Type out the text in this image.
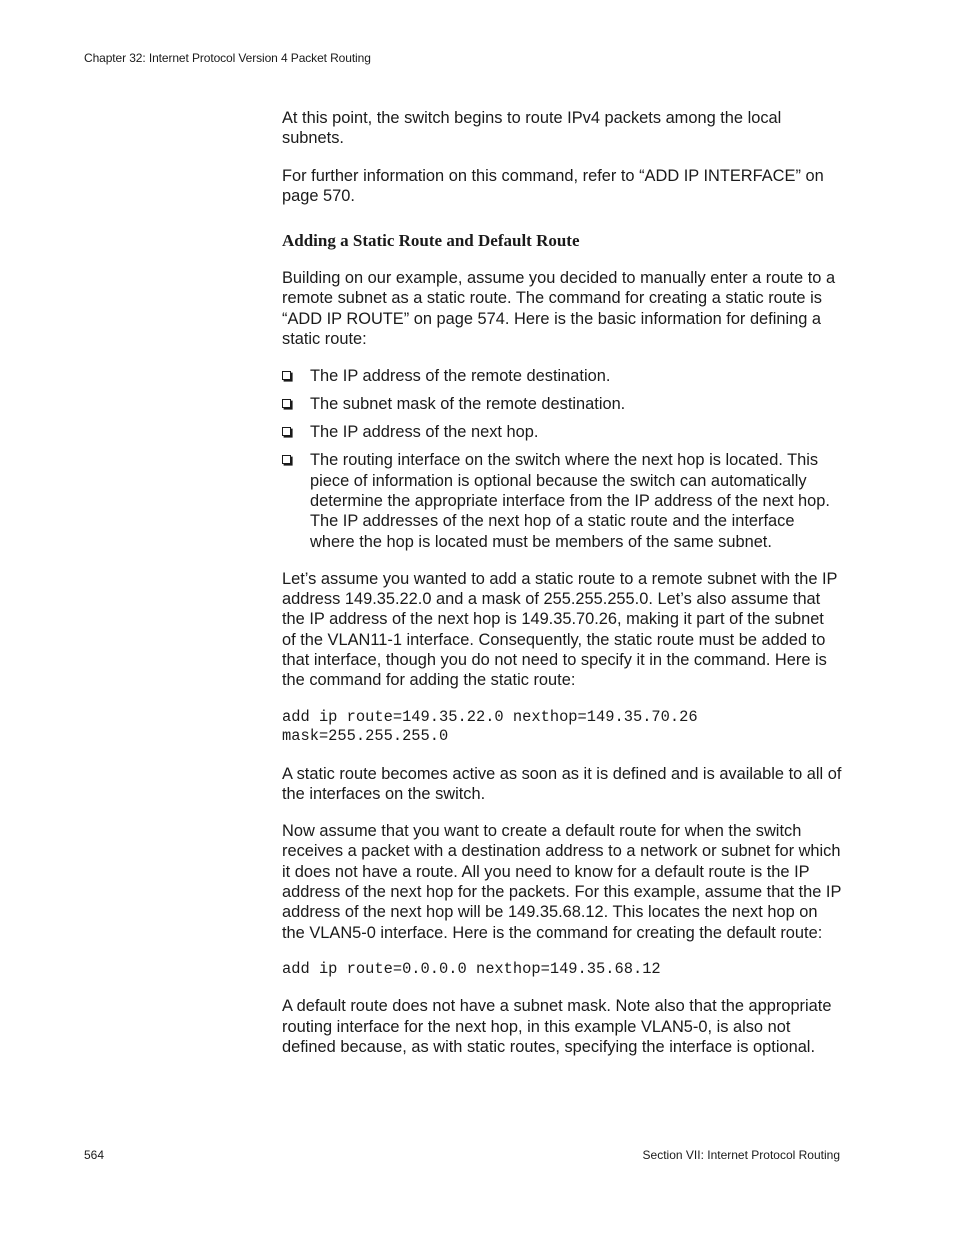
Chapter 32: Internet Protocol Version 4 Packet Routing

At this point, the switch begins to route IPv4 packets among the local subnets.

For further information on this command, refer to “ADD IP INTERFACE” on page 570.

Adding a Static Route and Default Route

Building on our example, assume you decided to manually enter a route to a remote subnet as a static route. The command for creating a static route is “ADD IP ROUTE” on page 574. Here is the basic information for defining a static route:

The IP address of the remote destination.
The subnet mask of the remote destination.
The IP address of the next hop.
The routing interface on the switch where the next hop is located. This piece of information is optional because the switch can automatically determine the appropriate interface from the IP address of the next hop. The IP addresses of the next hop of a static route and the interface where the hop is located must be members of the same subnet.

Let’s assume you wanted to add a static route to a remote subnet with the IP address 149.35.22.0 and a mask of 255.255.255.0. Let’s also assume that the IP address of the next hop is 149.35.70.26, making it part of the subnet of the VLAN11-1 interface. Consequently, the static route must be added to that interface, though you do not need to specify it in the command. Here is the command for adding the static route:

add ip route=149.35.22.0 nexthop=149.35.70.26
mask=255.255.255.0

A static route becomes active as soon as it is defined and is available to all of the interfaces on the switch.

Now assume that you want to create a default route for when the switch receives a packet with a destination address to a network or subnet for which it does not have a route. All you need to know for a default route is the IP address of the next hop for the packets. For this example, assume that the IP address of the next hop will be 149.35.68.12. This locates the next hop on the VLAN5-0 interface. Here is the command for creating the default route:

add ip route=0.0.0.0 nexthop=149.35.68.12

A default route does not have a subnet mask. Note also that the appropriate routing interface for the next hop, in this example VLAN5-0, is also not defined because, as with static routes, specifying the interface is optional.

564	Section VII: Internet Protocol Routing
